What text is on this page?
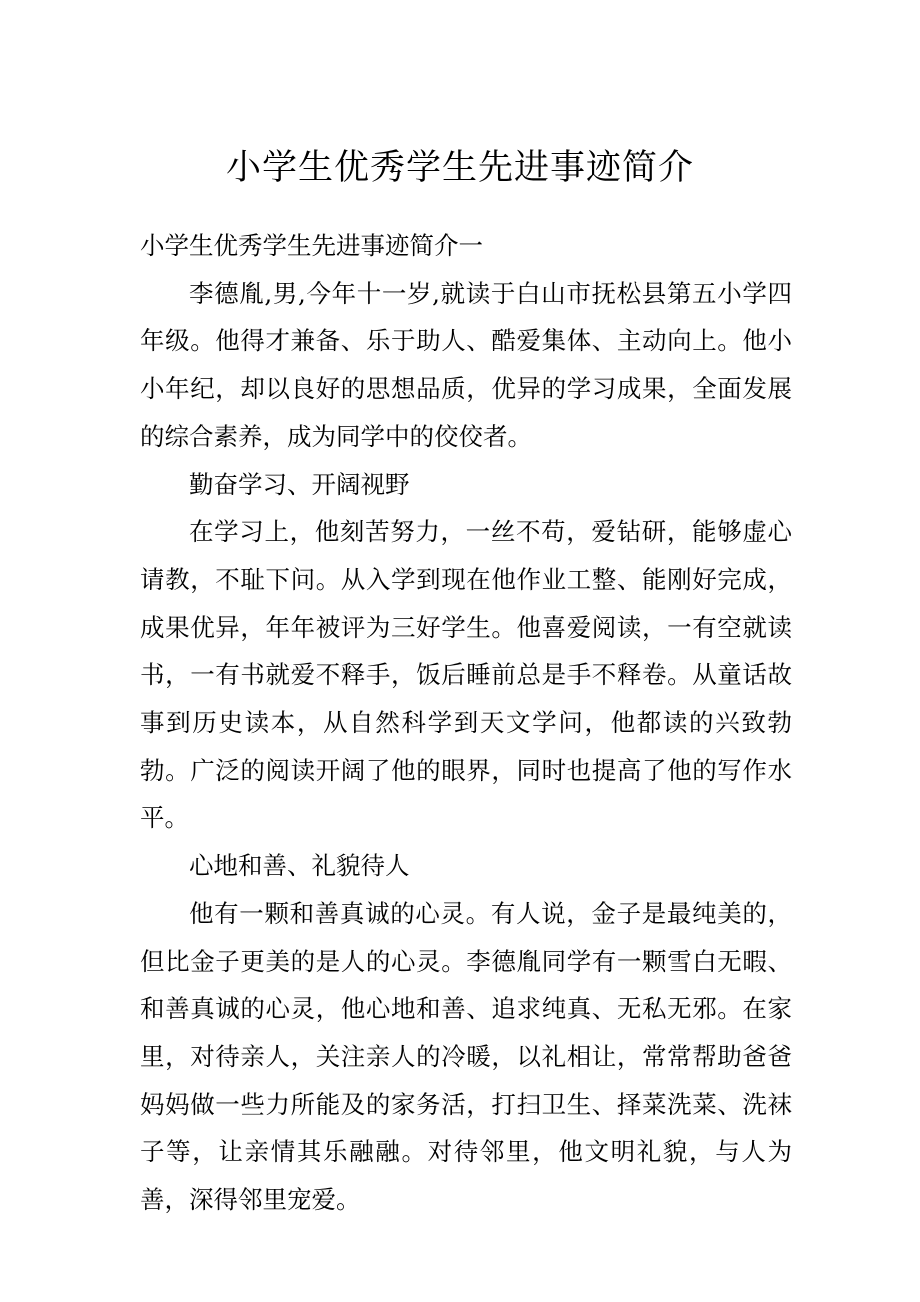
小学生优秀学生先进事迹简介

小学生优秀学生先进事迹简介一

李德胤,男,今年十一岁,就读于白山市抚松县第五小学四年级。他得才兼备、乐于助人、酷爱集体、主动向上。他小小年纪，却以良好的思想品质，优异的学习成果，全面发展的综合素养，成为同学中的佼佼者。

勤奋学习、开阔视野

在学习上，他刻苦努力，一丝不苟，爱钻研，能够虚心请教，不耻下问。从入学到现在他作业工整、能刚好完成，成果优异，年年被评为三好学生。他喜爱阅读，一有空就读书，一有书就爱不释手，饭后睡前总是手不释卷。从童话故事到历史读本，从自然科学到天文学问，他都读的兴致勃勃。广泛的阅读开阔了他的眼界，同时也提高了他的写作水平。

心地和善、礼貌待人

他有一颗和善真诚的心灵。有人说，金子是最纯美的，但比金子更美的是人的心灵。李德胤同学有一颗雪白无暇、和善真诚的心灵，他心地和善、追求纯真、无私无邪。在家里，对待亲人，关注亲人的冷暖，以礼相让，常常帮助爸爸妈妈做一些力所能及的家务活，打扫卫生、择菜洗菜、洗袜子等，让亲情其乐融融。对待邻里，他文明礼貌，与人为善，深得邻里宠爱。
